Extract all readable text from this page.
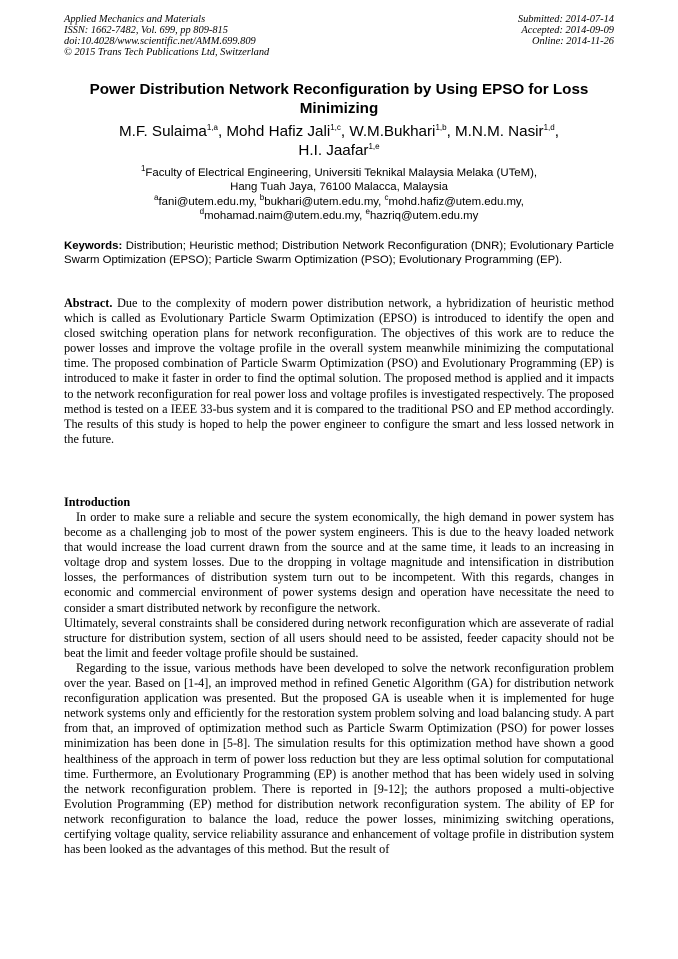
Applied Mechanics and Materials
ISSN: 1662-7482, Vol. 699, pp 809-815
doi:10.4028/www.scientific.net/AMM.699.809
© 2015 Trans Tech Publications Ltd, Switzerland
Submitted: 2014-07-14
Accepted: 2014-09-09
Online: 2014-11-26
Power Distribution Network Reconfiguration by Using EPSO for Loss Minimizing
M.F. Sulaima$^{1,a}$, Mohd Hafiz Jali$^{1,c}$, W.M.Bukhari$^{1,b}$, M.N.M. Nasir$^{1,d}$,
H.I. Jaafar$^{1,e}$
$^1$Faculty of Electrical Engineering, Universiti Teknikal Malaysia Melaka (UTeM),
Hang Tuah Jaya, 76100 Malacca, Malaysia
$^a$fani@utem.edu.my, $^b$bukhari@utem.edu.my, $^c$mohd.hafiz@utem.edu.my,
$^d$mohamad.naim@utem.edu.my, $^e$hazriq@utem.edu.my
Keywords: Distribution; Heuristic method; Distribution Network Reconfiguration (DNR); Evolutionary Particle Swarm Optimization (EPSO); Particle Swarm Optimization (PSO); Evolutionary Programming (EP).
Abstract. Due to the complexity of modern power distribution network, a hybridization of heuristic method which is called as Evolutionary Particle Swarm Optimization (EPSO) is introduced to identify the open and closed switching operation plans for network reconfiguration. The objectives of this work are to reduce the power losses and improve the voltage profile in the overall system meanwhile minimizing the computational time. The proposed combination of Particle Swarm Optimization (PSO) and Evolutionary Programming (EP) is introduced to make it faster in order to find the optimal solution. The proposed method is applied and it impacts to the network reconfiguration for real power loss and voltage profiles is investigated respectively. The proposed method is tested on a IEEE 33-bus system and it is compared to the traditional PSO and EP method accordingly. The results of this study is hoped to help the power engineer to configure the smart and less lossed network in the future.
Introduction

In order to make sure a reliable and secure the system economically, the high demand in power system has become as a challenging job to most of the power system engineers. This is due to the heavy loaded network that would increase the load current drawn from the source and at the same time, it leads to an increasing in voltage drop and system losses. Due to the dropping in voltage magnitude and intensification in distribution losses, the performances of distribution system turn out to be incompetent. With this regards, changes in economic and commercial environment of power systems design and operation have necessitate the need to consider a smart distributed network by reconfigure the network.

Ultimately, several constraints shall be considered during network reconfiguration which are asseverate of radial structure for distribution system, section of all users should need to be assisted, feeder capacity should not be beat the limit and feeder voltage profile should be sustained.

Regarding to the issue, various methods have been developed to solve the network reconfiguration problem over the year. Based on [1-4], an improved method in refined Genetic Algorithm (GA) for distribution network reconfiguration application was presented. But the proposed GA is useable when it is implemented for huge network systems only and efficiently for the restoration system problem solving and load balancing study. A part from that, an improved of optimization method such as Particle Swarm Optimization (PSO) for power losses minimization has been done in [5-8]. The simulation results for this optimization method have shown a good healthiness of the approach in term of power loss reduction but they are less optimal solution for computational time. Furthermore, an Evolutionary Programming (EP) is another method that has been widely used in solving the network reconfiguration problem. There is reported in [9-12]; the authors proposed a multi-objective Evolution Programming (EP) method for distribution network reconfiguration system. The ability of EP for network reconfiguration to balance the load, reduce the power losses, minimizing switching operations, certifying voltage quality, service reliability assurance and enhancement of voltage profile in distribution system has been looked as the advantages of this method. But the result of
